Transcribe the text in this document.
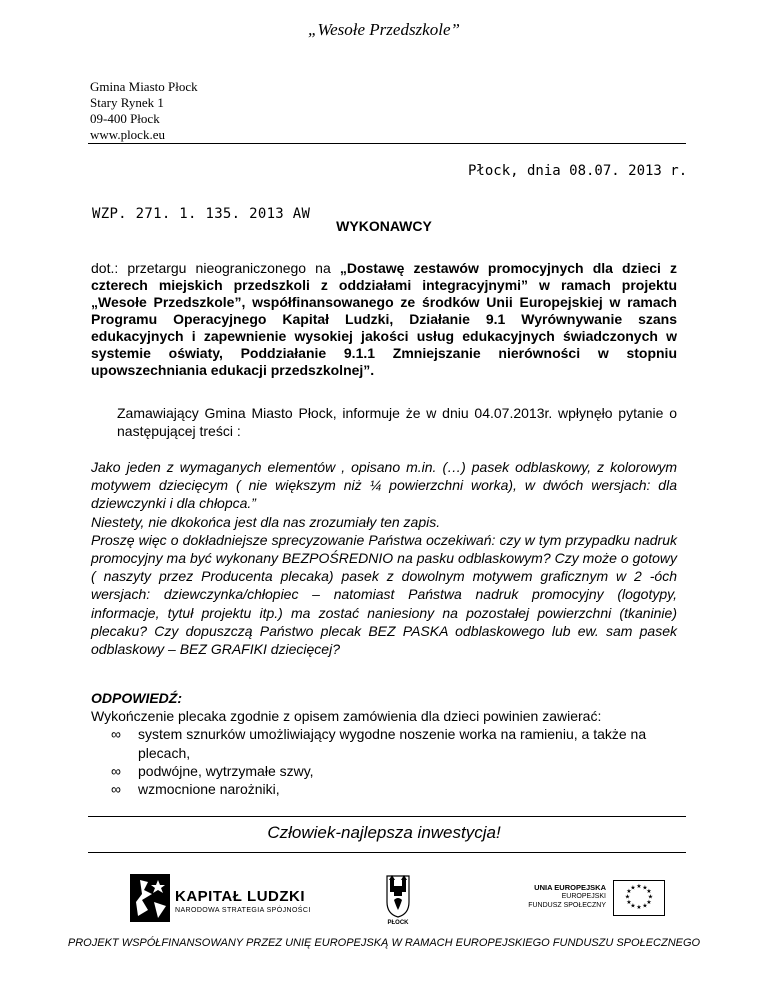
„Wesołe Przedszkole”
Gmina Miasto Płock
Stary Rynek 1
09-400 Płock
www.plock.eu
Płock, dnia 08.07. 2013 r.
WZP. 271. 1. 135. 2013 AW
WYKONAWCY
dot.: przetargu nieograniczonego na „Dostawę zestawów promocyjnych dla dzieci z czterech miejskich przedszkoli z oddziałami integracyjnymi” w ramach projektu „Wesołe Przedszkole”, współfinansowanego ze środków Unii Europejskiej w ramach Programu Operacyjnego Kapitał Ludzki, Działanie 9.1 Wyrównywanie szans edukacyjnych i zapewnienie wysokiej jakości usług edukacyjnych świadczonych w systemie oświaty, Poddziałanie 9.1.1 Zmniejszanie nierówności w stopniu upowszechniania edukacji przedszkolnej”.
Zamawiający Gmina Miasto Płock, informuje że w dniu 04.07.2013r. wpłynęło pytanie o następującej treści :
Jako jeden z wymaganych elementów , opisano m.in. (…) pasek odblaskowy, z kolorowym motywem dziecięcym ( nie większym niż ¼ powierzchni worka), w dwóch wersjach: dla dziewczynki i dla chłopca.”
Niestety, nie dkokońca jest dla nas zrozumiały ten zapis.
Proszę więc o dokładniejsze sprecyzowanie Państwa oczekiwań: czy w tym przypadku nadruk promocyjny ma być wykonany BEZPOŚREDNIO na pasku odblaskowym? Czy może o gotowy ( naszyty przez Producenta plecaka) pasek z dowolnym motywem graficznym w 2 -óch wersjach: dziewczynka/chłopiec – natomiast Państwa nadruk promocyjny (logotypy, informacje, tytuł projektu itp.) ma zostać naniesiony na pozostałej powierzchni (tkaninie) plecaku? Czy dopuszczą Państwo plecak BEZ PASKA odblaskowego lub ew. sam pasek odblaskowy – BEZ GRAFIKI dziecięcej?
ODPOWIEDŹ:
Wykończenie plecaka zgodnie z opisem zamówienia dla dzieci powinien zawierać:
∞ system sznurków umożliwiający wygodne noszenie worka na ramieniu, a także na plecach,
∞ podwójne, wytrzymałe szwy,
∞ wzmocnione narożniki,
Człowiek-najlepsza inwestycja!
KAPITAŁ LUDZKI
NARODOWA STRATEGIA SPÓJNOŚCI
PŁOCK
UNIA EUROPEJSKA
EUROPEJSKI
FUNDUSZ SPOŁECZNY
★ ★
★
★
★
★
★
★
★
★
★
★
PROJEKT WSPÓŁFINANSOWANY PRZEZ UNIĘ EUROPEJSKĄ W RAMACH EUROPEJSKIEGO FUNDUSZU SPOŁECZNEGO
